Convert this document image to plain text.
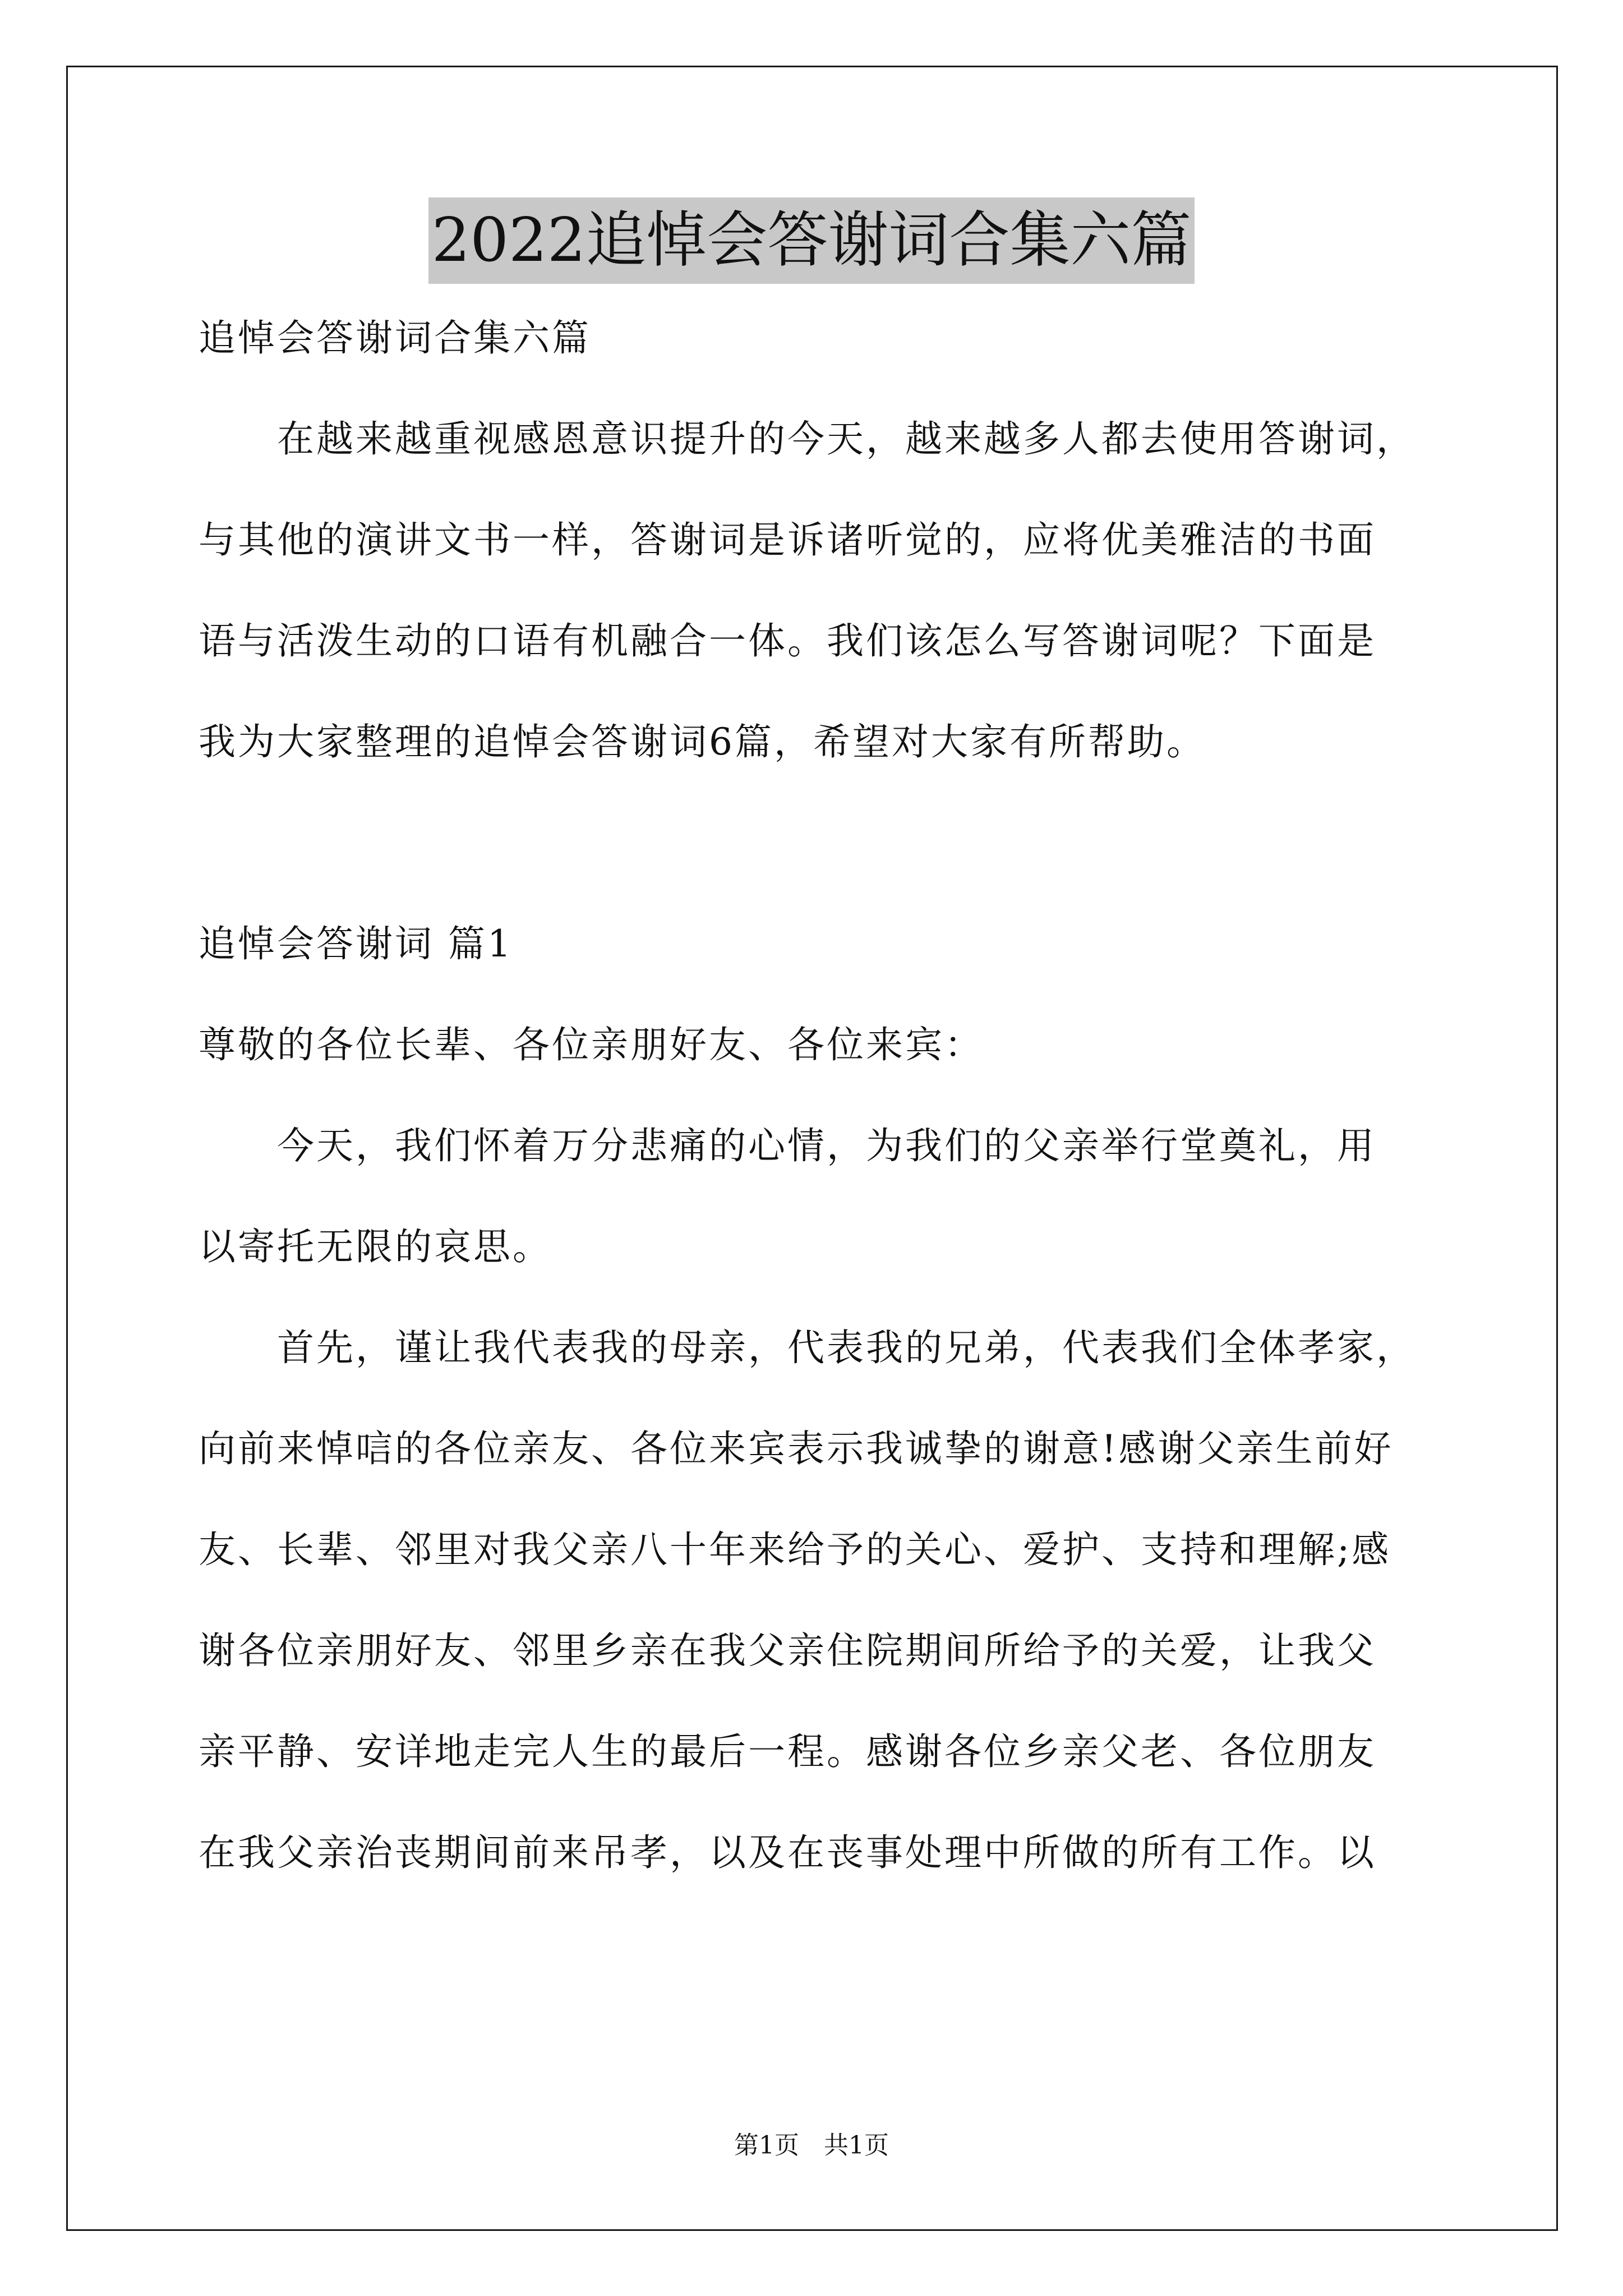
2022追悼会答谢词合集六篇
追悼会答谢词合集六篇
　　在越来越重视感恩意识提升的今天，越来越多人都去使用答谢词，
与其他的演讲文书一样，答谢词是诉诸听觉的，应将优美雅洁的书面
语与活泼生动的口语有机融合一体。我们该怎么写答谢词呢？下面是
我为大家整理的追悼会答谢词6篇，希望对大家有所帮助。
追悼会答谢词 篇1
尊敬的各位长辈、各位亲朋好友、各位来宾：
　　今天，我们怀着万分悲痛的心情，为我们的父亲举行堂奠礼，用
以寄托无限的哀思。
　　首先，谨让我代表我的母亲，代表我的兄弟，代表我们全体孝家，
向前来悼唁的各位亲友、各位来宾表示我诚挚的谢意!感谢父亲生前好
友、长辈、邻里对我父亲八十年来给予的关心、爱护、支持和理解;感
谢各位亲朋好友、邻里乡亲在我父亲住院期间所给予的关爱，让我父
亲平静、安详地走完人生的最后一程。感谢各位乡亲父老、各位朋友
在我父亲治丧期间前来吊孝，以及在丧事处理中所做的所有工作。以
第1页　共1页
